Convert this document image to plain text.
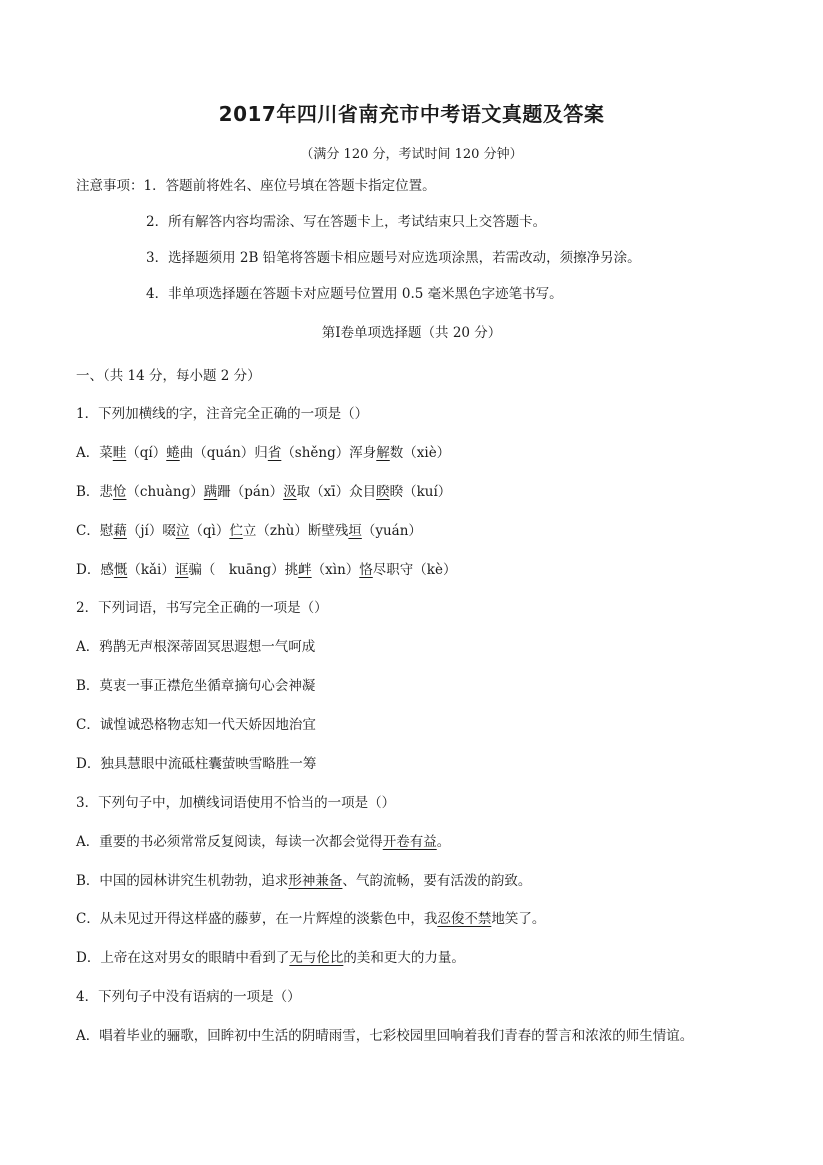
2017年四川省南充市中考语文真题及答案
（满分 120 分，考试时间 120 分钟）
注意事项：1．答题前将姓名、座位号填在答题卡指定位置。
2．所有解答内容均需涂、写在答题卡上，考试结束只上交答题卡。
3．选择题须用 2B 铅笔将答题卡相应题号对应选项涂黑，若需改动，须擦净另涂。
4．非单项选择题在答题卡对应题号位置用 0.5 毫米黑色字迹笔书写。
第Ⅰ卷单项选择题（共 20 分）
一、（共 14 分，每小题 2 分）
1．下列加横线的字，注音完全正确的一项是（）
A．菜畦（qí）蜷曲（quán）归省（shěng）浑身解数（xiè）
B．悲怆（chuàng）蹒跚（pán）汲取（xī）众目睽睽（kuí）
C．慰藉（jí）啜泣（qì）伫立（zhù）断壁残垣（yuán）
D．感慨（kǎi）诓骗（　kuāng）挑衅（xìn）恪尽职守（kè）
2．下列词语，书写完全正确的一项是（）
A．鸦鹊无声根深蒂固冥思遐想一气呵成
B．莫衷一事正襟危坐循章摘句心会神凝
C．诚惶诚恐格物志知一代天娇因地治宜
D．独具慧眼中流砥柱囊萤映雪略胜一筹
3．下列句子中，加横线词语使用不恰当的一项是（）
A．重要的书必须常常反复阅读，每读一次都会觉得开卷有益。
B．中国的园林讲究生机勃勃，追求形神兼备、气韵流畅，要有活泼的韵致。
C．从未见过开得这样盛的藤萝，在一片辉煌的淡紫色中，我忍俊不禁地笑了。
D．上帝在这对男女的眼睛中看到了无与伦比的美和更大的力量。
4．下列句子中没有语病的一项是（）
A．唱着毕业的骊歌，回眸初中生活的阴晴雨雪，七彩校园里回响着我们青春的誓言和浓浓的师生情谊。
